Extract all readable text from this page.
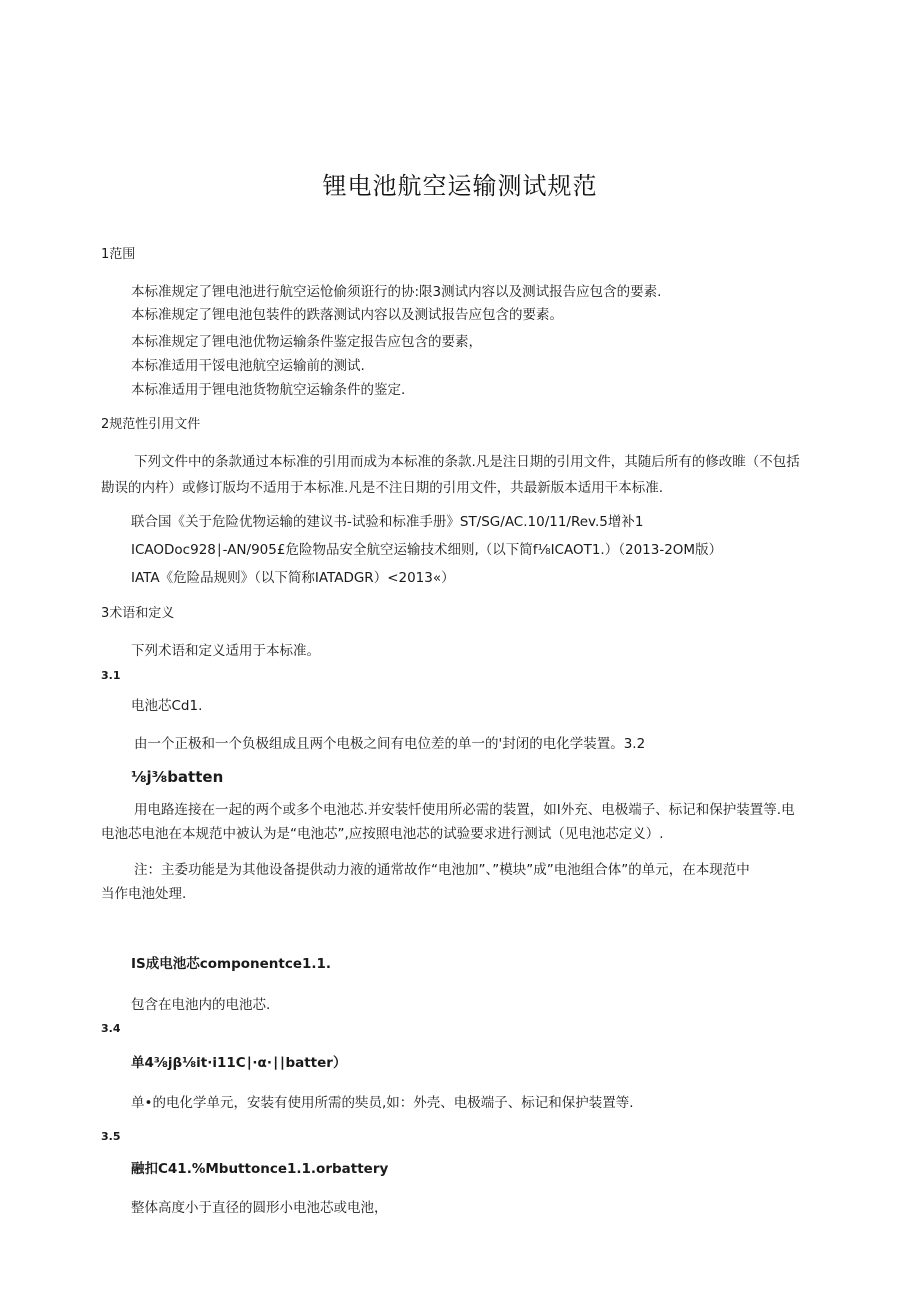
锂电池航空运输测试规范
1范围
本标准规定了锂电池进行航空运怆偷须诳行的协:限3测试内容以及测试报告应包含的要素.
本标准规定了锂电池包装件的跌落测试内容以及测试报告应包含的要素。
本标准规定了锂电池优物运输条件鉴定报告应包含的要素，
本标准适用干馁电池航空运输前的测试.
本标准适用于锂电池货物航空运输条件的鉴定.
2规范性引用文件
下列文件中的条款通过本标准的引用而成为本标准的条款.凡是注日期的引用文件，其随后所有的修改睢（不包括
勘误的内杵）或修订版均不适用于本标准.凡是不注日期的引用文件，共最新版本适用干本标准.
联合国《关于危险优物运输的建议书-试验和标准手册》ST/SG/AC.10/11/Rev.5增补1
ICAODoc928∣-AN/905£危险物品安全航空运输技术细则,（以下简f⅛ICAOT1.）（2013-2OM版）
IATA《危险品规则》（以下简称IATADGR）<2013«）
3术语和定义
下列术语和定义适用于本标准。
3.1
电池芯Cd1.
由一个正极和一个负极组成且两个电极之间有电位差的单一的'封闭的电化学装置。3.2
⅛j⅜batten
用电路连接在一起的两个或多个电池芯.并安装忏使用所必需的装置，如I外充、电极端子、标记和保护装置等.电
电池芯电池在本规范中被认为是“电池芯”,应按照电池芯的试验要求进行测试（见电池芯定义）.
注：主委功能是为其他设备提供动力液的通常故作“电池加”、”模块”成”电池组合体”的单元，在本现范中
当作电池处理.
IS成电池芯componentce1.1.
包含在电池内的电池芯.
3.4
单4⅜jβ⅛it·i11C∣·α·∣∣batter）
单•的电化学单元，安装有使用所需的奘员,如：外壳、电极端子、标记和保护装置等.
3.5
融扣C41.%Mbuttonce1.1.orbattery
整体高度小于直径的圆形小电池芯或电池，
